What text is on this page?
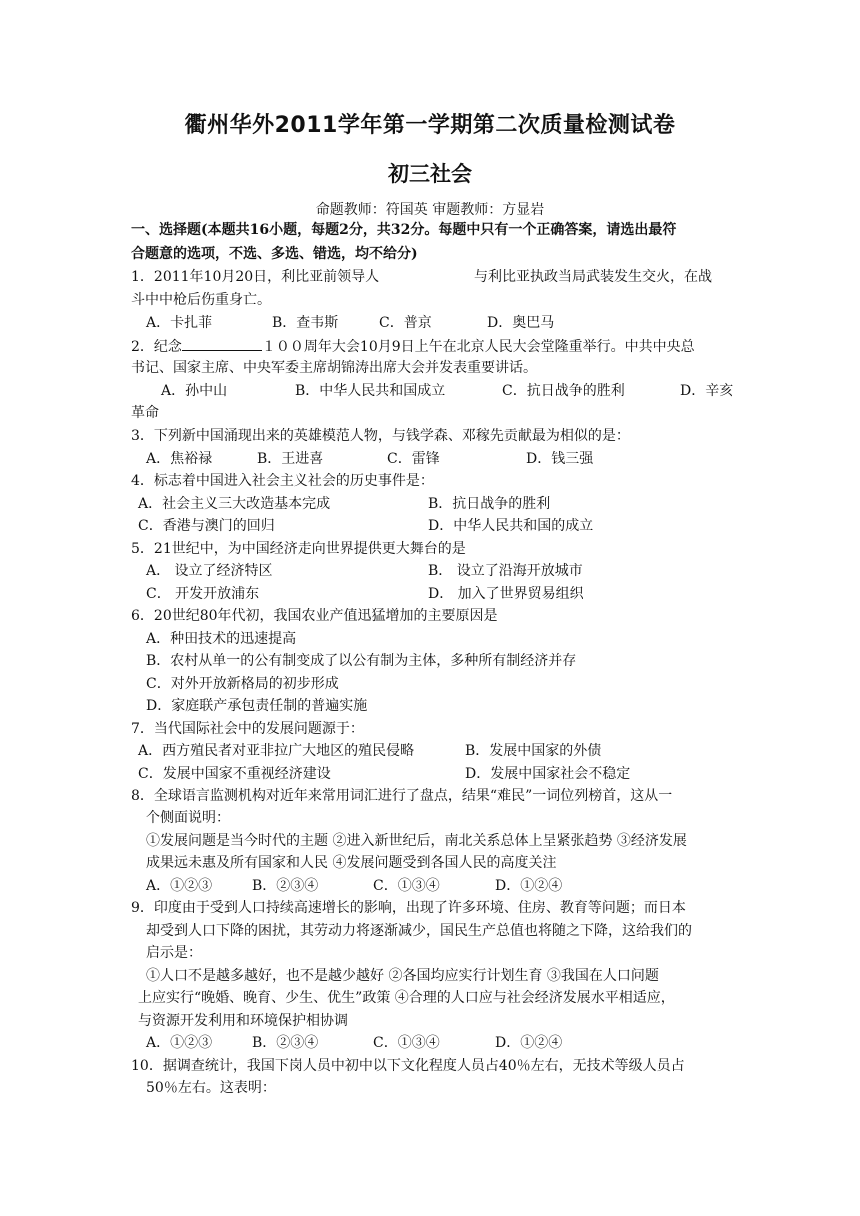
衢州华外2011学年第一学期第二次质量检测试卷
初三社会
命题教师：符国英 审题教师：方显岩
一、选择题(本题共16小题，每题2分，共32分。每题中只有一个正确答案，请选出最符
合题意的选项，不选、多选、错选，均不给分)
1．2011年10月20日，利比亚前领导人	与利比亚执政当局武装发生交火，在战
斗中中枪后伤重身亡。
A．卡扎菲	B．查韦斯	C．普京	D．奥巴马
2．纪念	１００周年大会10月9日上午在北京人民大会堂隆重举行。中共中央总
书记、国家主席、中央军委主席胡锦涛出席大会并发表重要讲话。
A．孙中山	B．中华人民共和国成立	C．抗日战争的胜利	D．辛亥
革命
3．下列新中国涌现出来的英雄模范人物，与钱学森、邓稼先贡献最为相似的是：
A．焦裕禄	B．王进喜	C．雷锋	D．钱三强
4．标志着中国进入社会主义社会的历史事件是：
A．社会主义三大改造基本完成	B．抗日战争的胜利
C．香港与澳门的回归	D．中华人民共和国的成立
5．21世纪中，为中国经济走向世界提供更大舞台的是
A． 设立了经济特区	B． 设立了沿海开放城市
C． 开发开放浦东	D． 加入了世界贸易组织
6．20世纪80年代初，我国农业产值迅猛增加的主要原因是
A．种田技术的迅速提高
B．农村从单一的公有制变成了以公有制为主体，多种所有制经济并存
C．对外开放新格局的初步形成
D．家庭联产承包责任制的普遍实施
7．当代国际社会中的发展问题源于：
A．西方殖民者对亚非拉广大地区的殖民侵略	B．发展中国家的外债
C．发展中国家不重视经济建设	D．发展中国家社会不稳定
8．全球语言监测机构对近年来常用词汇进行了盘点，结果“难民”一词位列榜首，这从一
个侧面说明：
①发展问题是当今时代的主题 ②进入新世纪后，南北关系总体上呈紧张趋势 ③经济发展
成果远未惠及所有国家和人民 ④发展问题受到各国人民的高度关注
A．①②③	B．②③④	C．①③④	D．①②④
9．印度由于受到人口持续高速增长的影响，出现了许多环境、住房、教育等问题；而日本
却受到人口下降的困扰，其劳动力将逐渐减少，国民生产总值也将随之下降，这给我们的
启示是：
①人口不是越多越好，也不是越少越好 ②各国均应实行计划生育 ③我国在人口问题
上应实行“晚婚、晚育、少生、优生”政策 ④合理的人口应与社会经济发展水平相适应，
与资源开发利用和环境保护相协调
A．①②③	B．②③④	C．①③④	D．①②④
10．据调查统计，我国下岗人员中初中以下文化程度人员占40％左右，无技术等级人员占
50％左右。这表明：
